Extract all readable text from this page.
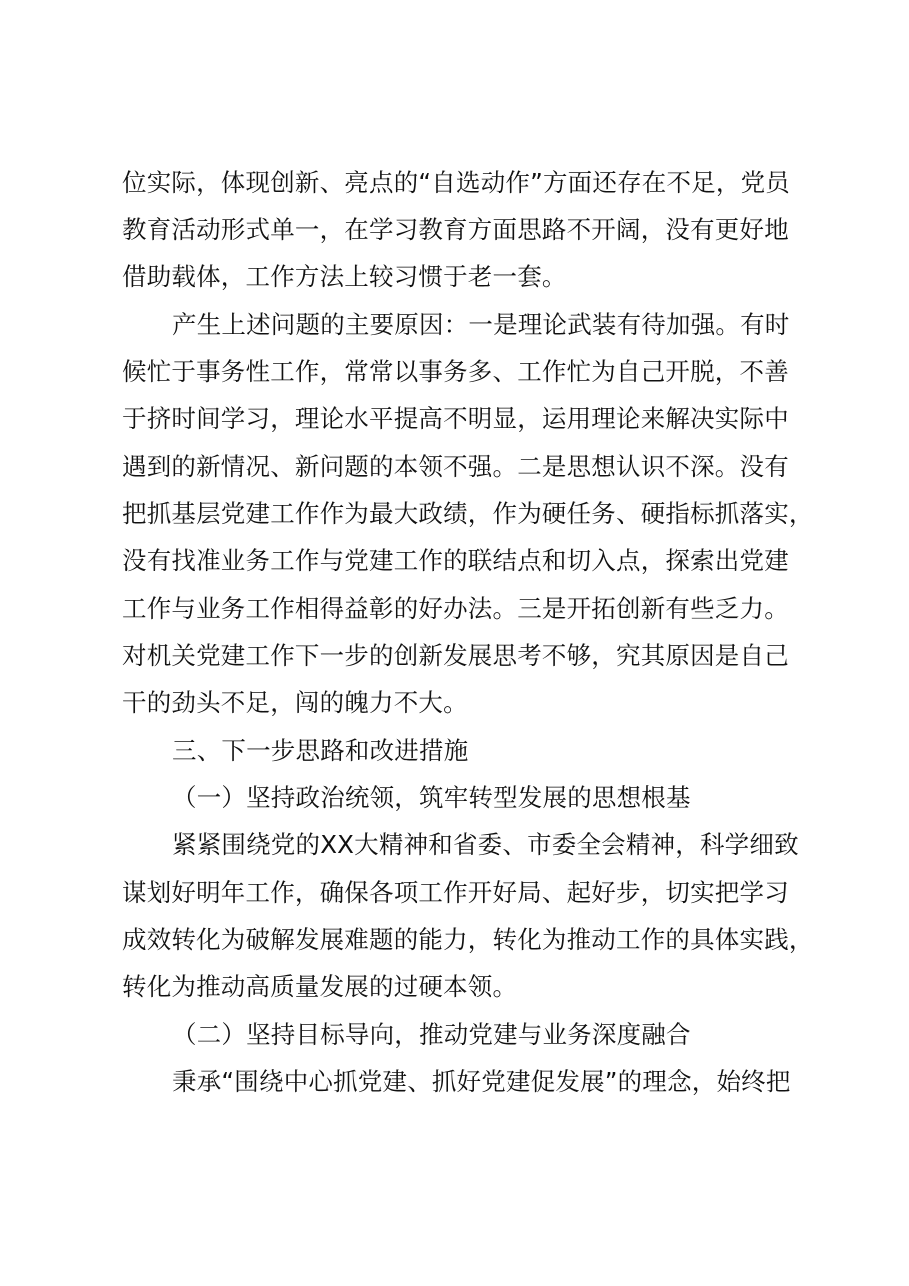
位实际，体现创新、亮点的“自选动作”方面还存在不足，党员

教育活动形式单一，在学习教育方面思路不开阔，没有更好地

借助载体，工作方法上较习惯于老一套。

产生上述问题的主要原因：一是理论武装有待加强。有时

候忙于事务性工作，常常以事务多、工作忙为自己开脱，不善

于挤时间学习，理论水平提高不明显，运用理论来解决实际中

遇到的新情况、新问题的本领不强。二是思想认识不深。没有

把抓基层党建工作作为最大政绩，作为硬任务、硬指标抓落实，

没有找准业务工作与党建工作的联结点和切入点，探索出党建

工作与业务工作相得益彰的好办法。三是开拓创新有些乏力。

对机关党建工作下一步的创新发展思考不够，究其原因是自己

干的劲头不足，闯的魄力不大。

三、下一步思路和改进措施

（一）坚持政治统领，筑牢转型发展的思想根基

紧紧围绕党的XX大精神和省委、市委全会精神，科学细致

谋划好明年工作，确保各项工作开好局、起好步，切实把学习

成效转化为破解发展难题的能力，转化为推动工作的具体实践，

转化为推动高质量发展的过硬本领。

（二）坚持目标导向，推动党建与业务深度融合

秉承“围绕中心抓党建、抓好党建促发展”的理念，始终把
